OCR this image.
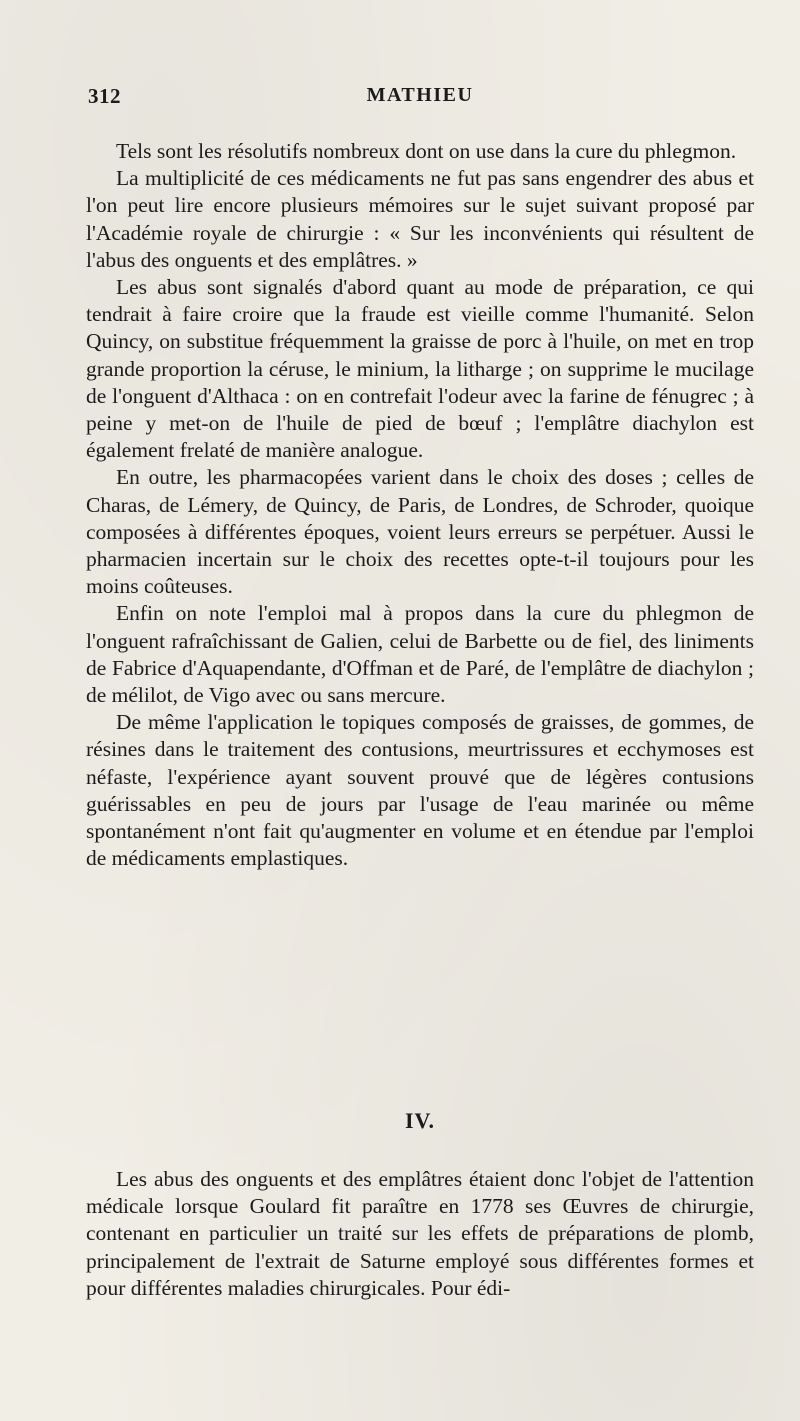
312	MATHIEU

Tels sont les résolutifs nombreux dont on use dans la cure du phlegmon.

La multiplicité de ces médicaments ne fut pas sans engendrer des abus et l'on peut lire encore plusieurs mémoires sur le sujet suivant proposé par l'Académie royale de chirurgie : « Sur les inconvénients qui résultent de l'abus des onguents et des emplâtres. »

Les abus sont signalés d'abord quant au mode de préparation, ce qui tendrait à faire croire que la fraude est vieille comme l'humanité. Selon Quincy, on substitue fréquemment la graisse de porc à l'huile, on met en trop grande proportion la céruse, le minium, la litharge ; on supprime le mucilage de l'onguent d'Althaca : on en contrefait l'odeur avec la farine de fénugrec ; à peine y met-on de l'huile de pied de bœuf ; l'emplâtre diachylon est également frelaté de manière analogue.

En outre, les pharmacopées varient dans le choix des doses ; celles de Charas, de Lémery, de Quincy, de Paris, de Londres, de Schroder, quoique composées à différentes époques, voient leurs erreurs se perpétuer. Aussi le pharmacien incertain sur le choix des recettes opte-t-il toujours pour les moins coûteuses.

Enfin on note l'emploi mal à propos dans la cure du phlegmon de l'onguent rafraîchissant de Galien, celui de Barbette ou de fiel, des liniments de Fabrice d'Aquapendante, d'Offman et de Paré, de l'emplâtre de diachylon ; de mélilot, de Vigo avec ou sans mercure.

De même l'application le topiques composés de graisses, de gommes, de résines dans le traitement des contusions, meurtrissures et ecchymoses est néfaste, l'expérience ayant souvent prouvé que de légères contusions guérissables en peu de jours par l'usage de l'eau marinée ou même spontanément n'ont fait qu'augmenter en volume et en étendue par l'emploi de médicaments emplastiques.

IV.

Les abus des onguents et des emplâtres étaient donc l'objet de l'attention médicale lorsque Goulard fit paraître en 1778 ses Œuvres de chirurgie, contenant en particulier un traité sur les effets de préparations de plomb, principalement de l'extrait de Saturne employé sous différentes formes et pour différentes maladies chirurgicales. Pour édi-
